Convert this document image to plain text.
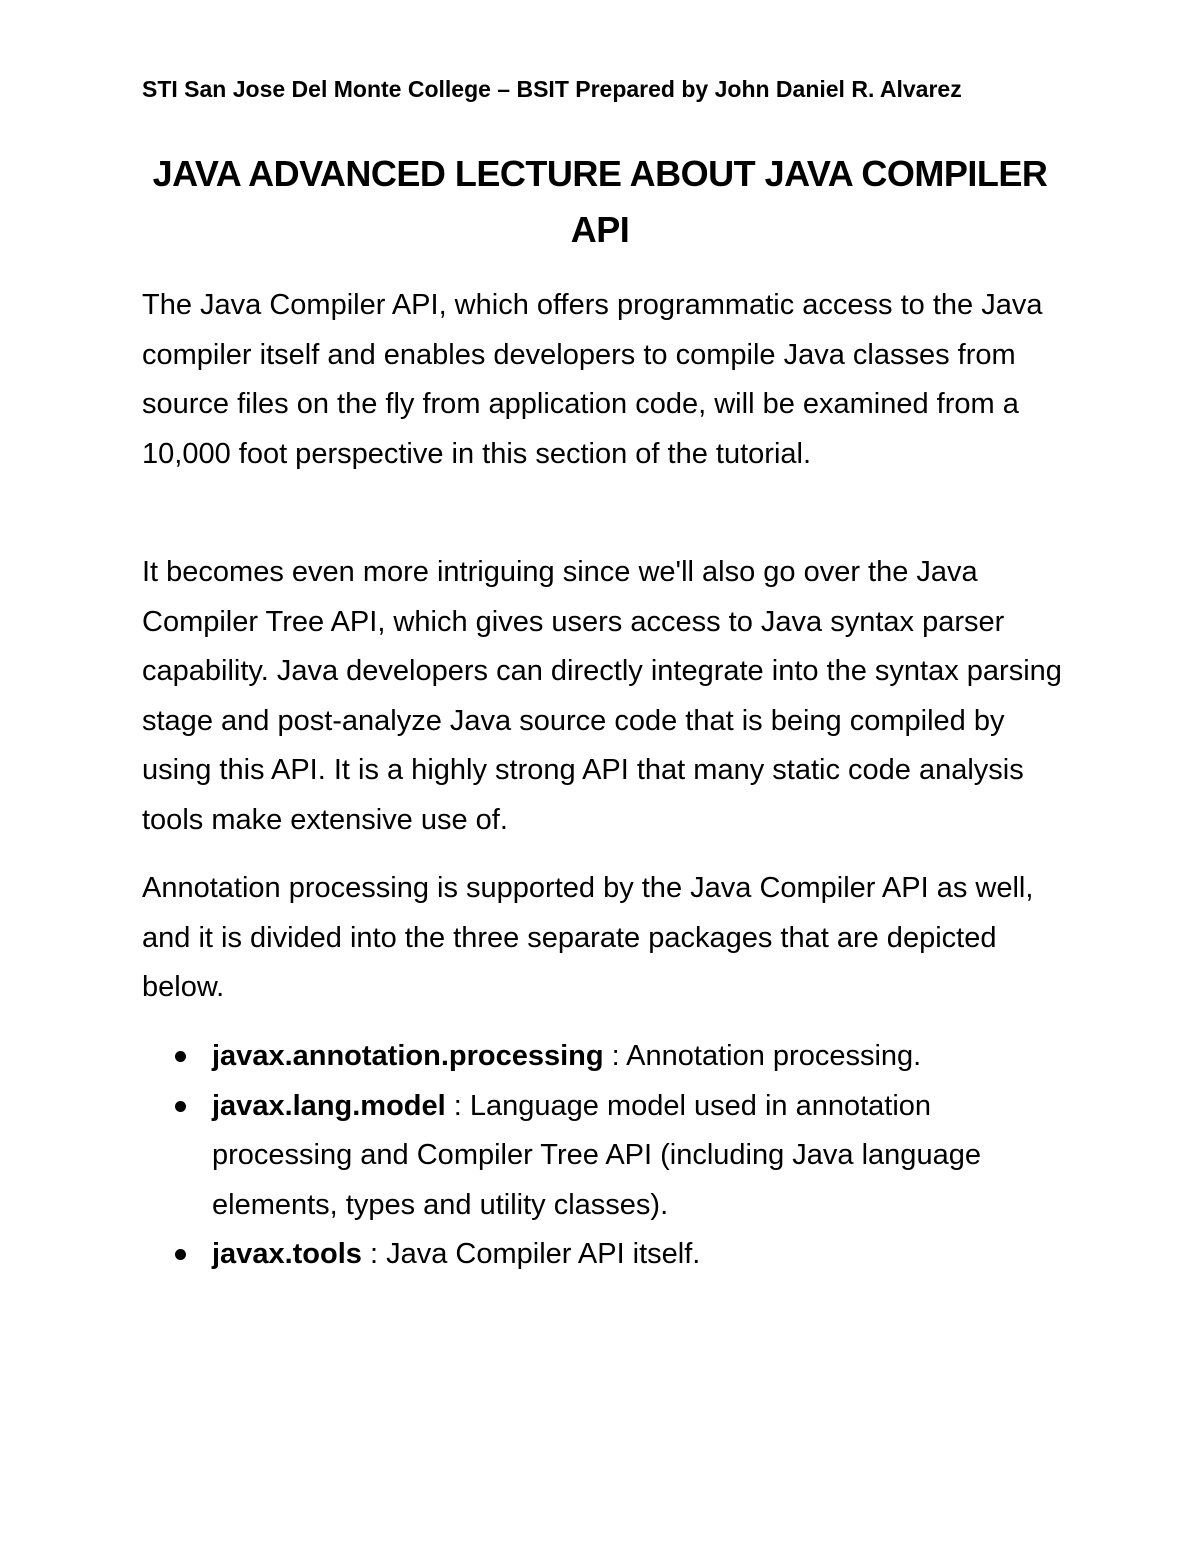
STI San Jose Del Monte College – BSIT Prepared by John Daniel R. Alvarez
JAVA ADVANCED LECTURE ABOUT JAVA COMPILER
API

The Java Compiler API, which offers programmatic access to the Java compiler itself and enables developers to compile Java classes from source files on the fly from application code, will be examined from a 10,000 foot perspective in this section of the tutorial.

It becomes even more intriguing since we'll also go over the Java Compiler Tree API, which gives users access to Java syntax parser capability. Java developers can directly integrate into the syntax parsing stage and post-analyze Java source code that is being compiled by using this API. It is a highly strong API that many static code analysis tools make extensive use of.

Annotation processing is supported by the Java Compiler API as well, and it is divided into the three separate packages that are depicted below.

javax.annotation.processing : Annotation processing.
javax.lang.model : Language model used in annotation processing and Compiler Tree API (including Java language elements, types and utility classes).
javax.tools : Java Compiler API itself.
